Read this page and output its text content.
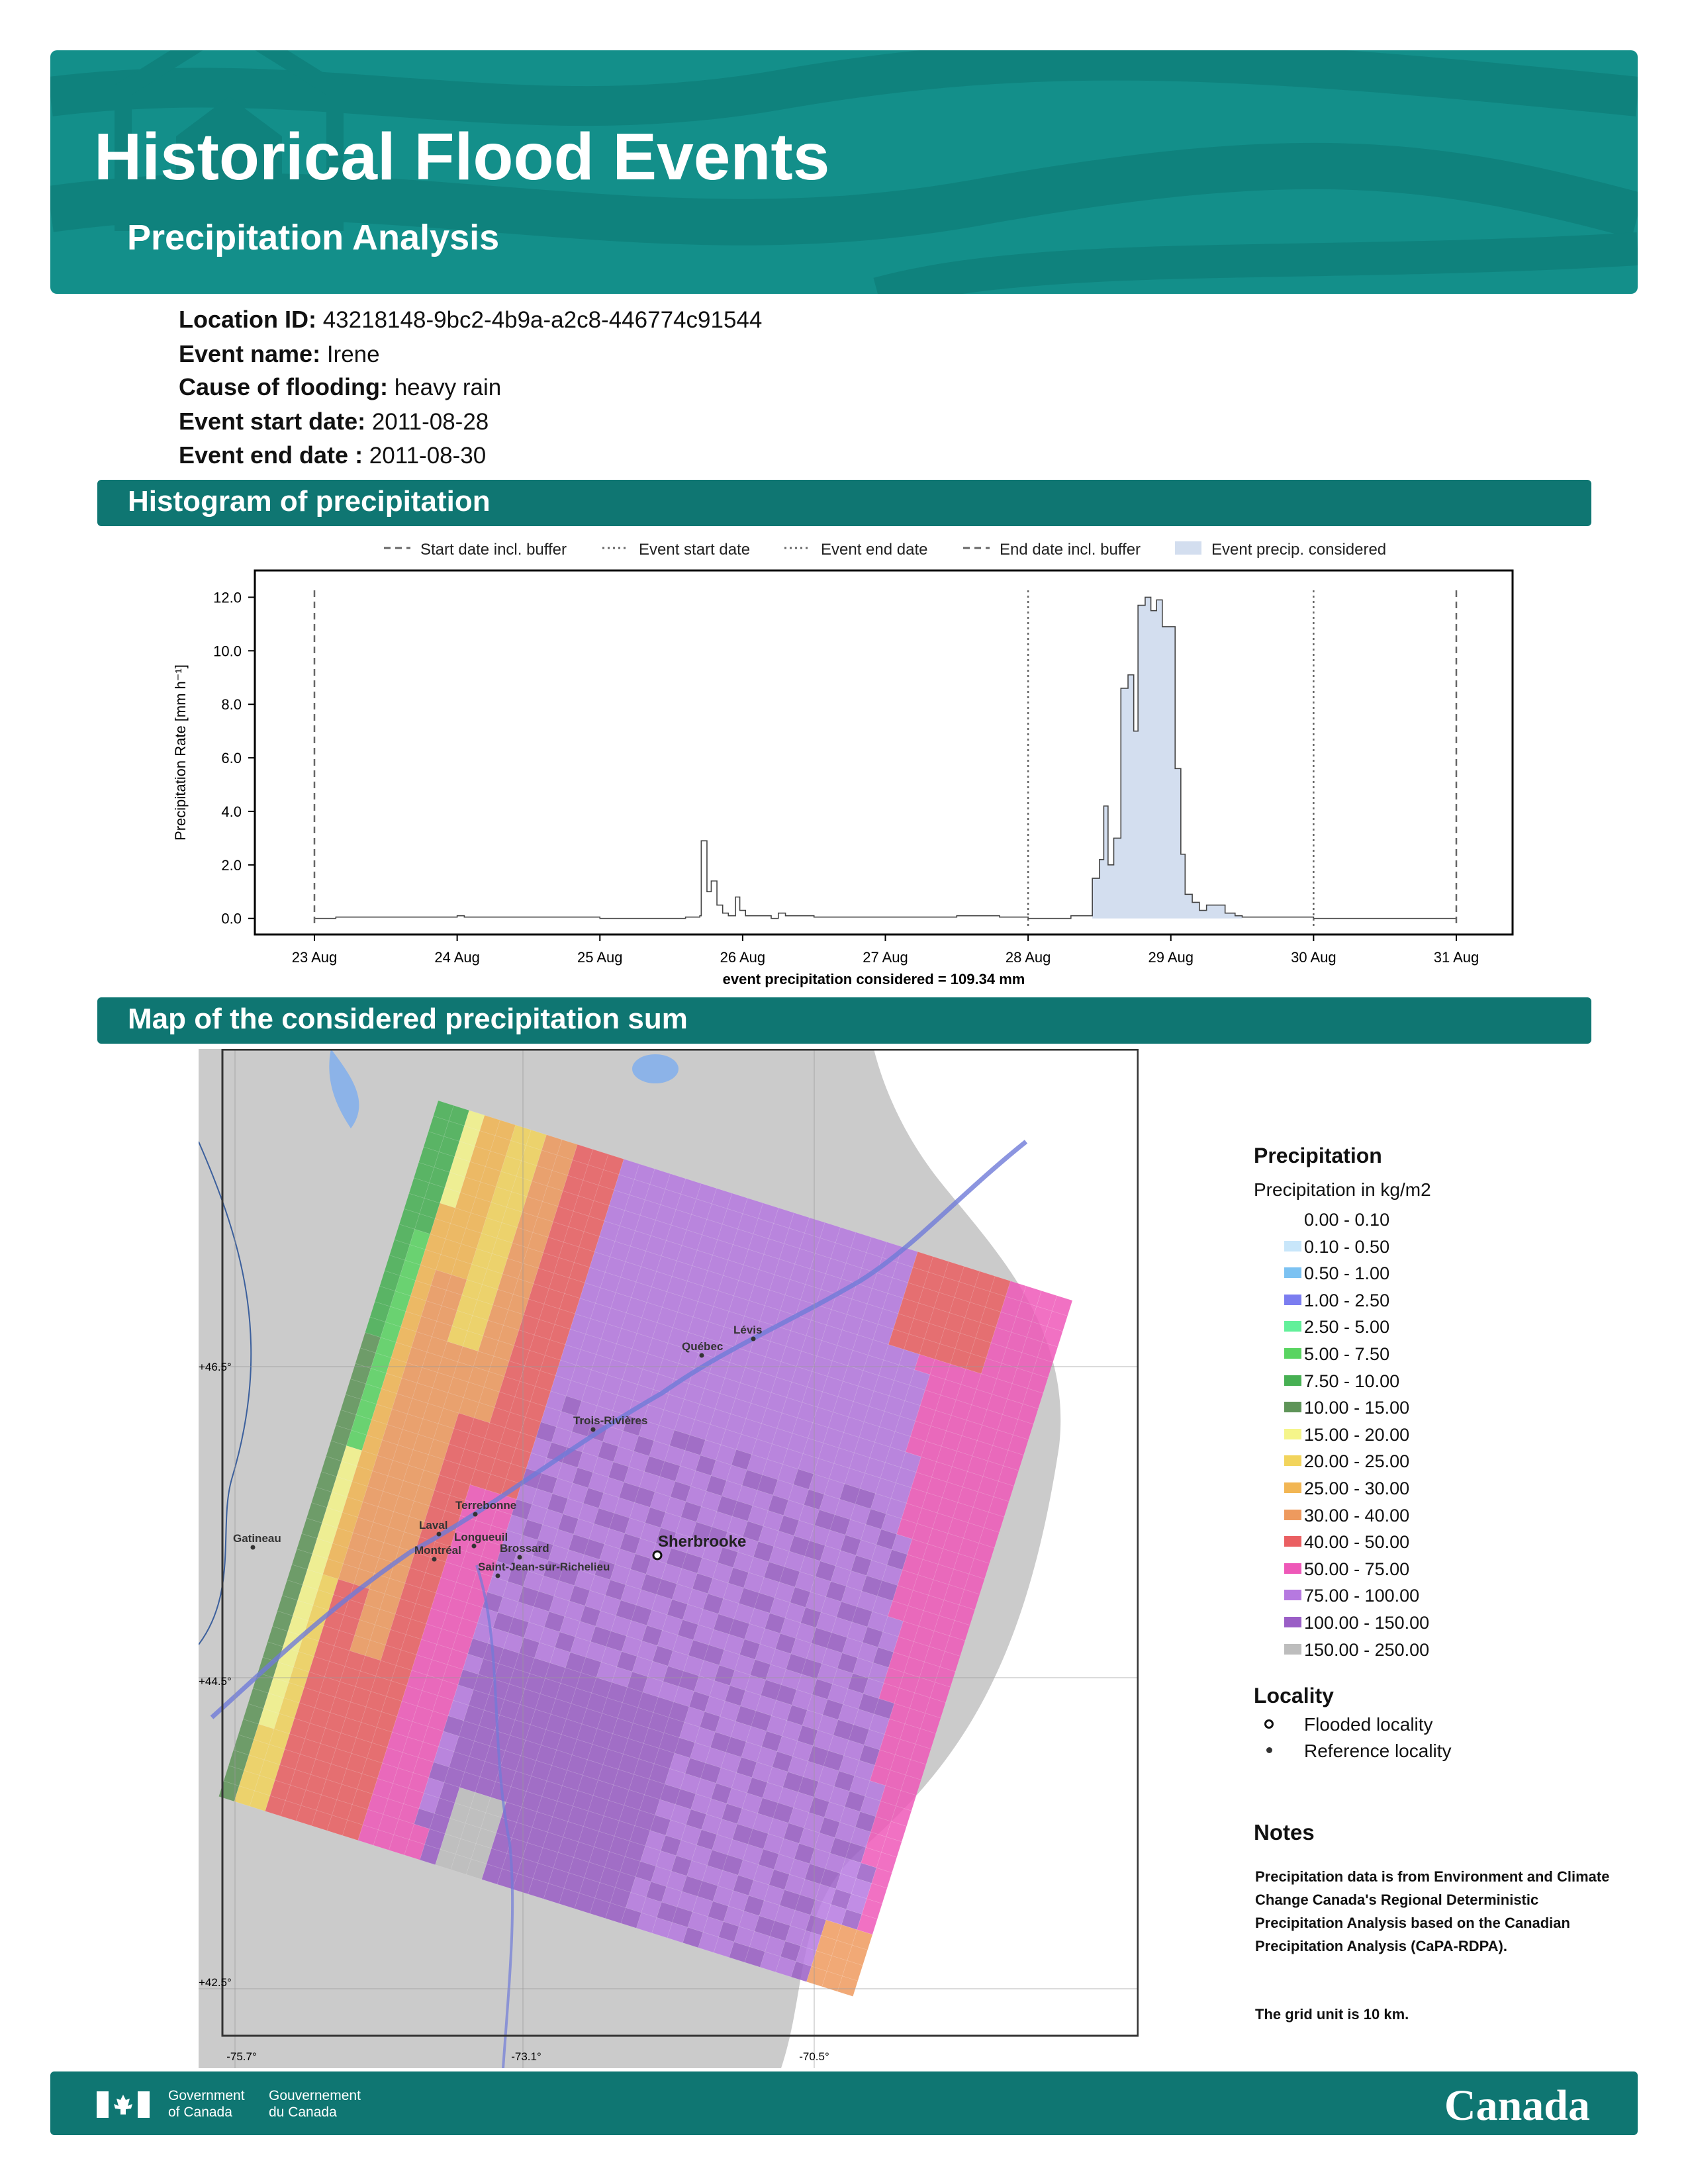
Historical Flood Events
Precipitation Analysis
Location ID: 43218148-9bc2-4b9a-a2c8-446774c91544
Event name: Irene
Cause of flooding: heavy rain
Event start date: 2011-08-28
Event end date : 2011-08-30
Histogram of precipitation
Start date incl. buffer	Event start date	Event end date	End date incl. buffer	Event precip. considered
0.0
2.0
4.0
6.0
8.0
10.0
12.0
23 Aug	24 Aug	25 Aug	26 Aug	27 Aug	28 Aug	29 Aug	30 Aug	31 Aug
Precipitation Rate [mm h⁻¹]
event precipitation considered = 109.34 mm
Map of the considered precipitation sum
+46.5°
+44.5°
+42.5°
-75.7°	-73.1°	-70.5°
Lévis
Québec
Trois-Rivières
Terrebonne
Laval
Longueuil
Montréal	Brossard
Saint-Jean-sur-Richelieu
Gatineau	Sherbrooke
Precipitation
Precipitation in kg/m2
0.00 - 0.10
0.10 - 0.50
0.50 - 1.00
1.00 - 2.50
2.50 - 5.00
5.00 - 7.50
7.50 - 10.00
10.00 - 15.00
15.00 - 20.00
20.00 - 25.00
25.00 - 30.00
30.00 - 40.00
40.00 - 50.00
50.00 - 75.00
75.00 - 100.00
100.00 - 150.00
150.00 - 250.00
Locality
Flooded locality
Reference locality
Notes
Precipitation data is from Environment and Climate Change Canada's Regional Deterministic Precipitation Analysis based on the Canadian Precipitation Analysis (CaPA-RDPA).
The grid unit is 10 km.
Government
of Canada
Gouvernement
du Canada	Canada
